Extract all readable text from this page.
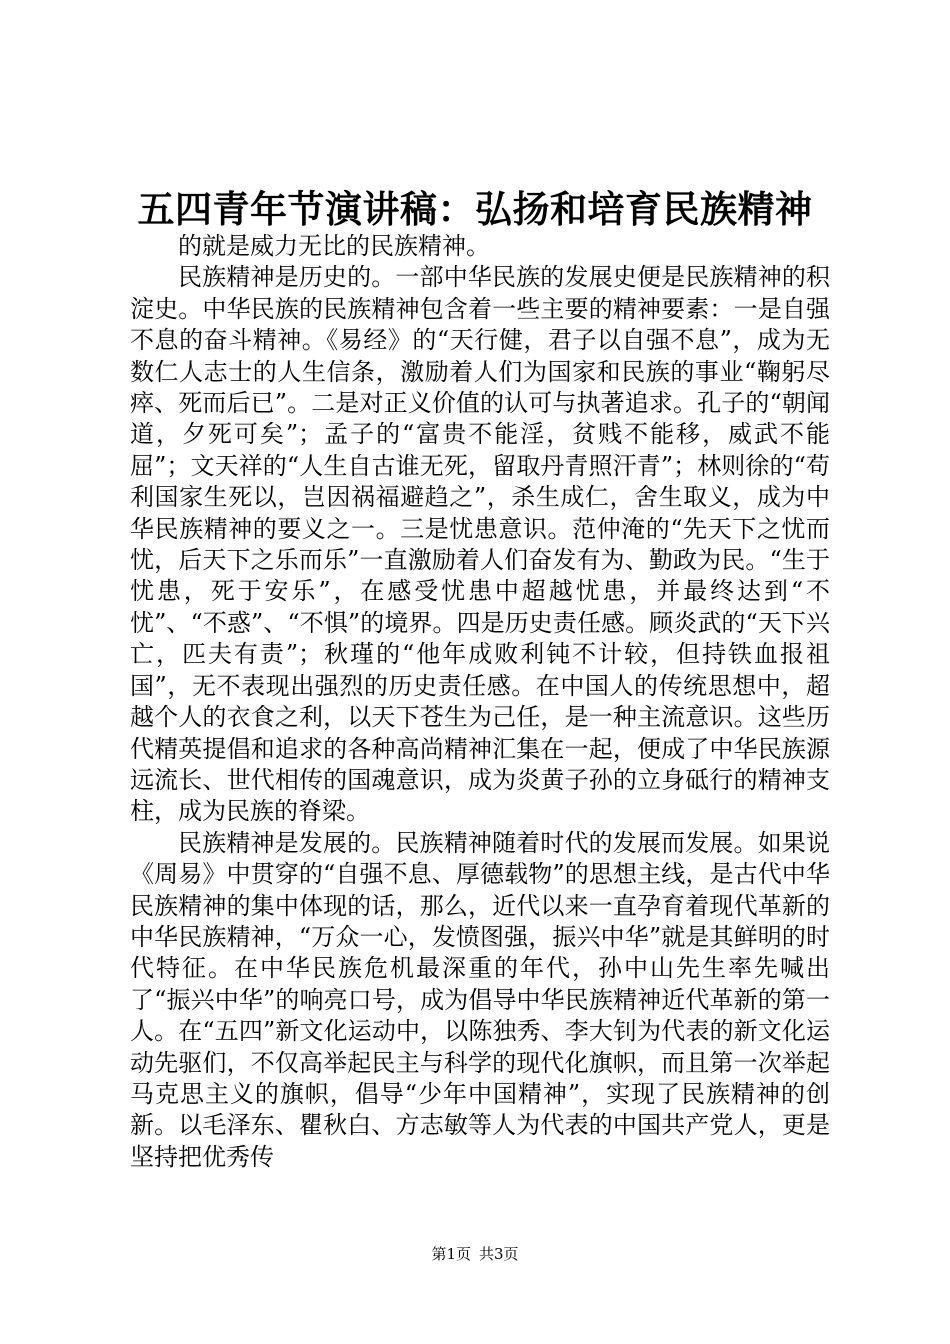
五四青年节演讲稿：弘扬和培育民族精神

的就是威力无比的民族精神。

民族精神是历史的。一部中华民族的发展史便是民族精神的积淀史。中华民族的民族精神包含着一些主要的精神要素：一是自强不息的奋斗精神。《易经》的“天行健，君子以自强不息”，成为无数仁人志士的人生信条，激励着人们为国家和民族的事业“鞠躬尽瘁、死而后已”。二是对正义价值的认可与执著追求。孔子的“朝闻道，夕死可矣”；孟子的“富贵不能淫，贫贱不能移，威武不能屈”；文天祥的“人生自古谁无死，留取丹青照汗青”；林则徐的“苟利国家生死以，岂因祸福避趋之”，杀生成仁，舍生取义，成为中华民族精神的要义之一。三是忧患意识。范仲淹的“先天下之忧而忧，后天下之乐而乐”一直激励着人们奋发有为、勤政为民。“生于忧患，死于安乐”，在感受忧患中超越忧患，并最终达到“不忧”、“不惑”、“不惧”的境界。四是历史责任感。顾炎武的“天下兴亡，匹夫有责”；秋瑾的“他年成败利钝不计较，但持铁血报祖国”，无不表现出强烈的历史责任感。在中国人的传统思想中，超越个人的衣食之利，以天下苍生为己任，是一种主流意识。这些历代精英提倡和追求的各种高尚精神汇集在一起，便成了中华民族源远流长、世代相传的国魂意识，成为炎黄子孙的立身砥行的精神支柱，成为民族的脊梁。

民族精神是发展的。民族精神随着时代的发展而发展。如果说《周易》中贯穿的“自强不息、厚德载物”的思想主线，是古代中华民族精神的集中体现的话，那么，近代以来一直孕育着现代革新的中华民族精神，“万众一心，发愤图强，振兴中华”就是其鲜明的时代特征。在中华民族危机最深重的年代，孙中山先生率先喊出了“振兴中华”的响亮口号，成为倡导中华民族精神近代革新的第一人。在“五四”新文化运动中，以陈独秀、李大钊为代表的新文化运动先驱们，不仅高举起民主与科学的现代化旗帜，而且第一次举起马克思主义的旗帜，倡导“少年中国精神”，实现了民族精神的创新。以毛泽东、瞿秋白、方志敏等人为代表的中国共产党人，更是坚持把优秀传

第1页 共3页
